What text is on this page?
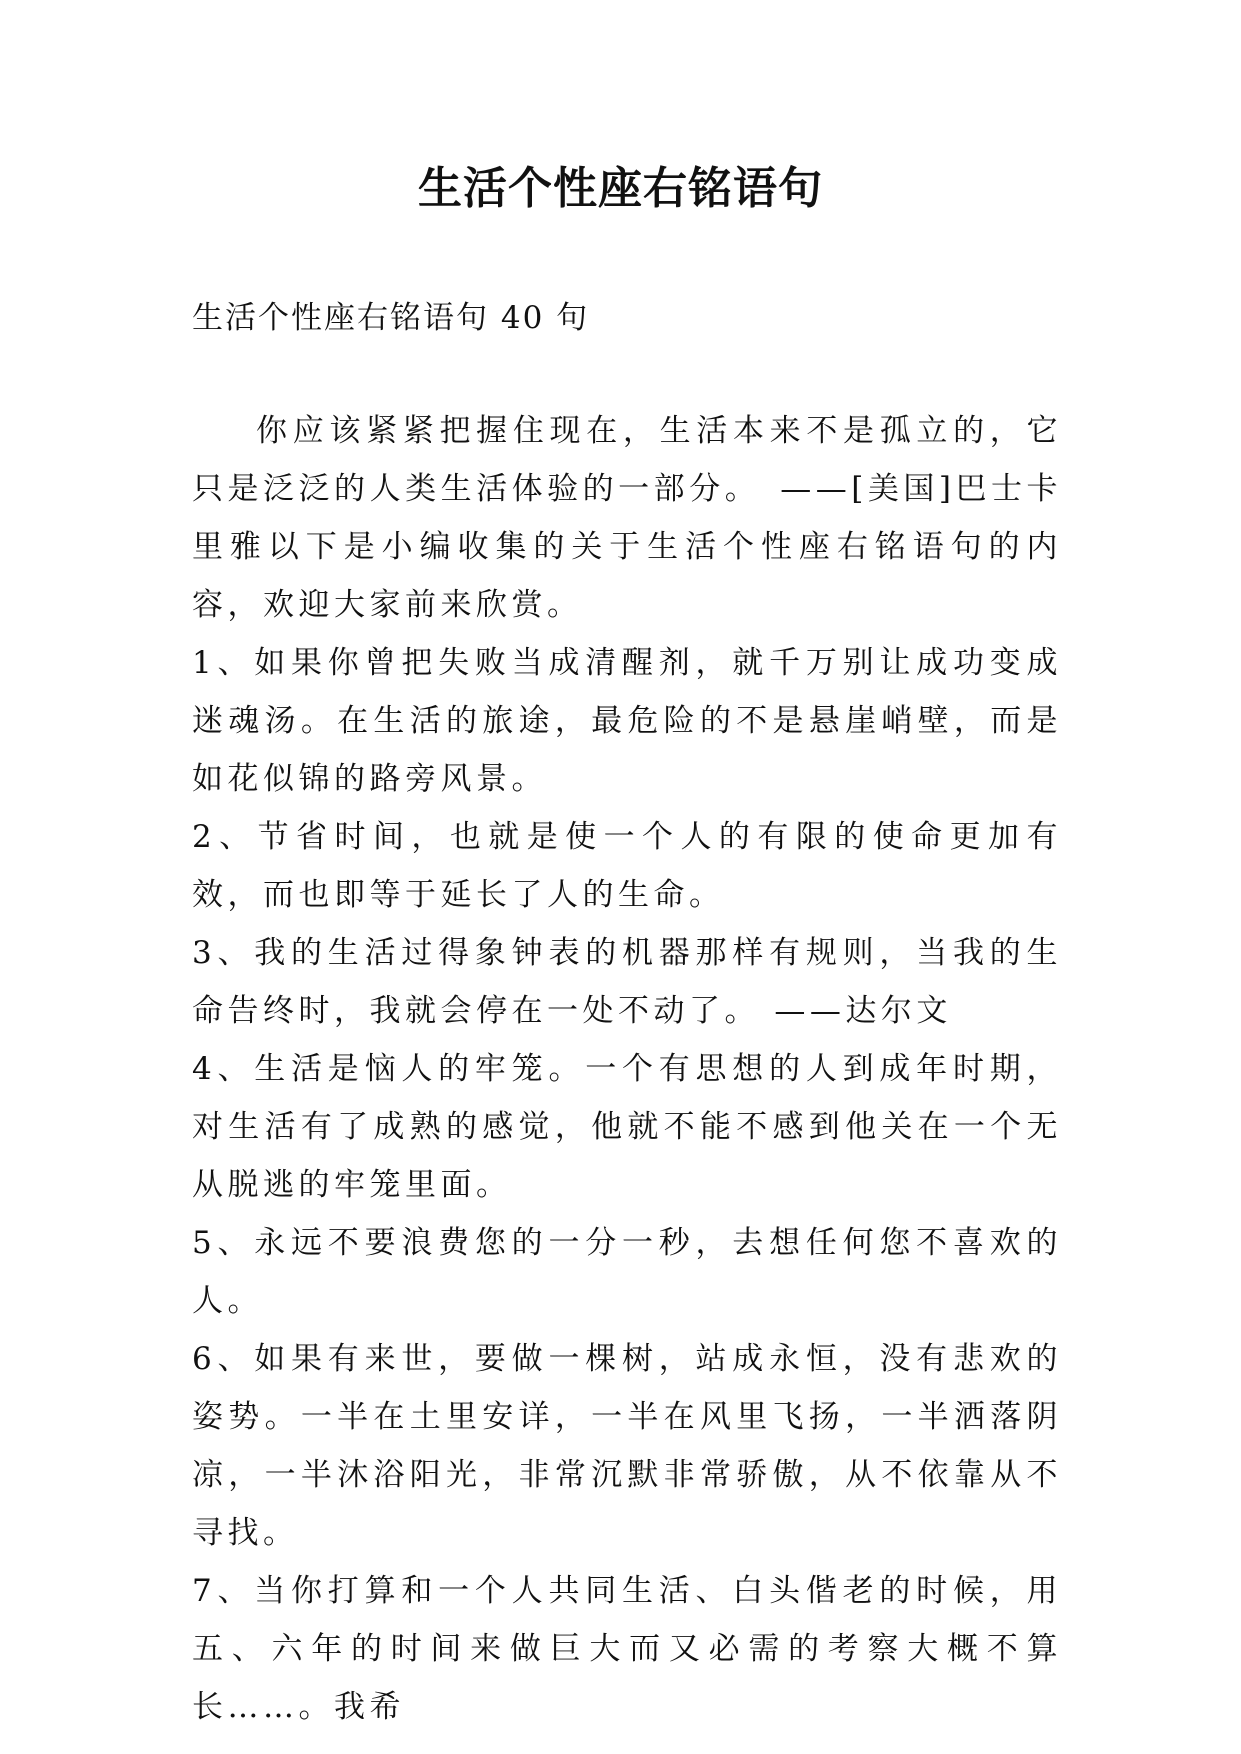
生活个性座右铭语句
生活个性座右铭语句 40 句

你应该紧紧把握住现在，生活本来不是孤立的，它只是泛泛的人类生活体验的一部分。　——[美国]巴士卡里雅以下是小编收集的关于生活个性座右铭语句的内容，欢迎大家前来欣赏。

1、如果你曾把失败当成清醒剂，就千万别让成功变成迷魂汤。在生活的旅途，最危险的不是悬崖峭壁，而是如花似锦的路旁风景。

2、节省时间，也就是使一个人的有限的使命更加有效，而也即等于延长了人的生命。

3、我的生活过得象钟表的机器那样有规则，当我的生命告终时，我就会停在一处不动了。 ——达尔文

4、生活是恼人的牢笼。一个有思想的人到成年时期，对生活有了成熟的感觉，他就不能不感到他关在一个无从脱逃的牢笼里面。

5、永远不要浪费您的一分一秒，去想任何您不喜欢的人。

6、如果有来世，要做一棵树，站成永恒，没有悲欢的姿势。一半在土里安详，一半在风里飞扬，一半洒落阴凉，一半沐浴阳光，非常沉默非常骄傲，从不依靠从不寻找。

7、当你打算和一个人共同生活、白头偕老的时候，用五、六年的时间来做巨大而又必需的考察大概不算长……。我希
